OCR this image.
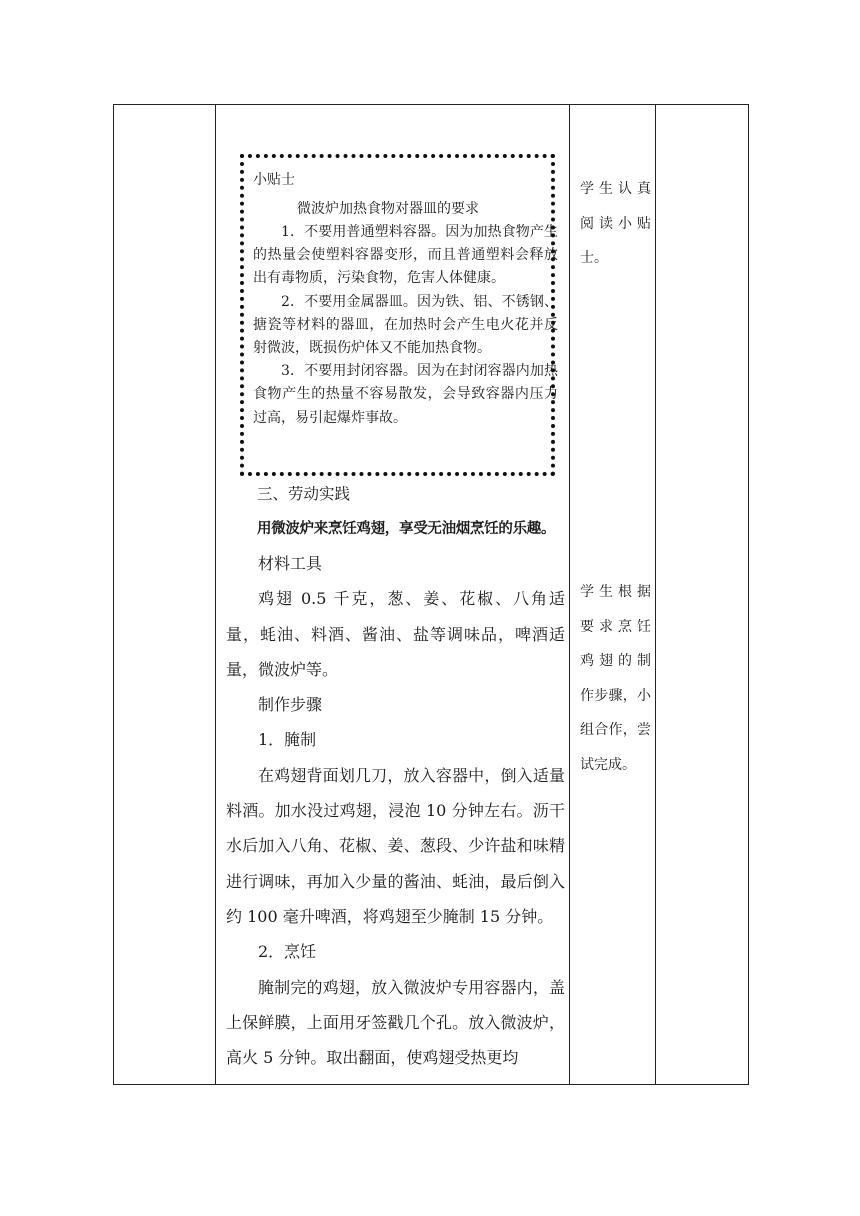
小贴士
微波炉加热食物对器皿的要求

1．不要用普通塑料容器。因为加热食物产生的热量会使塑料容器变形，而且普通塑料会释放出有毒物质，污染食物，危害人体健康。

2．不要用金属器皿。因为铁、铝、不锈钢、搪瓷等材料的器皿，在加热时会产生电火花并反射微波，既损伤炉体又不能加热食物。

3．不要用封闭容器。因为在封闭容器内加热食物产生的热量不容易散发，会导致容器内压力过高，易引起爆炸事故。

三、劳动实践
用微波炉来烹饪鸡翅，享受无油烟烹饪的乐趣。

材料工具

鸡翅 0.5 千克，葱、姜、花椒、八角适量，蚝油、料酒、酱油、盐等调味品，啤酒适量，微波炉等。

制作步骤

1．腌制

在鸡翅背面划几刀，放入容器中，倒入适量料酒。加水没过鸡翅，浸泡 10 分钟左右。沥干水后加入八角、花椒、姜、葱段、少许盐和味精进行调味，再加入少量的酱油、蚝油，最后倒入约 100 毫升啤酒，将鸡翅至少腌制 15 分钟。

2．烹饪

腌制完的鸡翅，放入微波炉专用容器内，盖上保鲜膜，上面用牙签戳几个孔。放入微波炉，高火 5 分钟。取出翻面，使鸡翅受热更均

学生认真
阅读小贴
士。
学生根据
要求烹饪
鸡翅的制
作步骤，小
组合作，尝
试完成。
